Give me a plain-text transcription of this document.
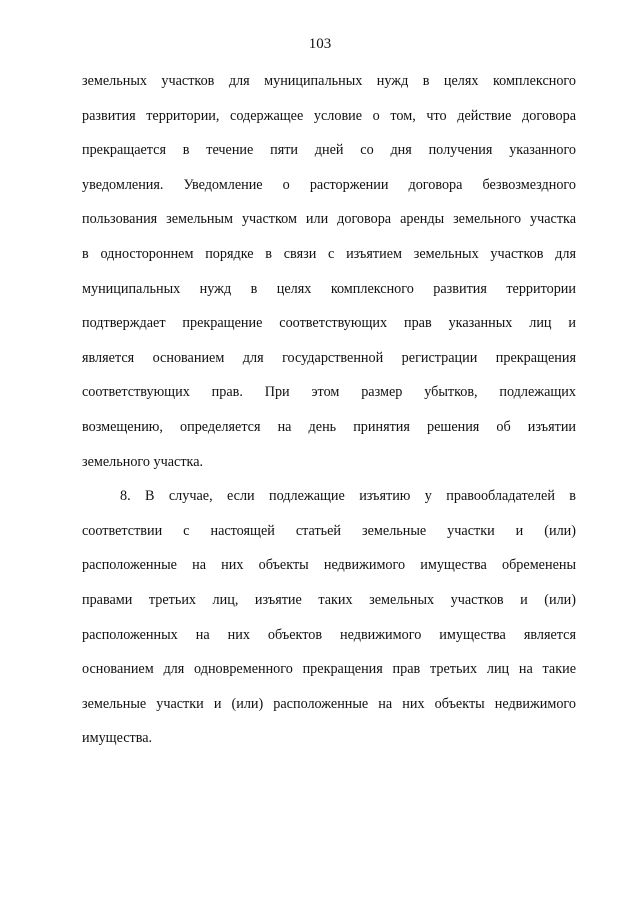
103
земельных участков для муниципальных нужд в целях комплексного
развития территории, содержащее условие о том, что действие договора
прекращается в течение пяти дней со дня получения указанного
уведомления. Уведомление о расторжении договора безвозмездного
пользования земельным участком или договора аренды земельного участка
в одностороннем порядке в связи с изъятием земельных участков для
муниципальных нужд в целях комплексного развития территории
подтверждает прекращение соответствующих прав указанных лиц и
является основанием для государственной регистрации прекращения
соответствующих прав. При этом размер убытков, подлежащих
возмещению, определяется на день принятия решения об изъятии
земельного участка.
8. В случае, если подлежащие изъятию у правообладателей в
соответствии с настоящей статьей земельные участки и (или)
расположенные на них объекты недвижимого имущества обременены
правами третьих лиц, изъятие таких земельных участков и (или)
расположенных на них объектов недвижимого имущества является
основанием для одновременного прекращения прав третьих лиц на такие
земельные участки и (или) расположенные на них объекты недвижимого
имущества.
